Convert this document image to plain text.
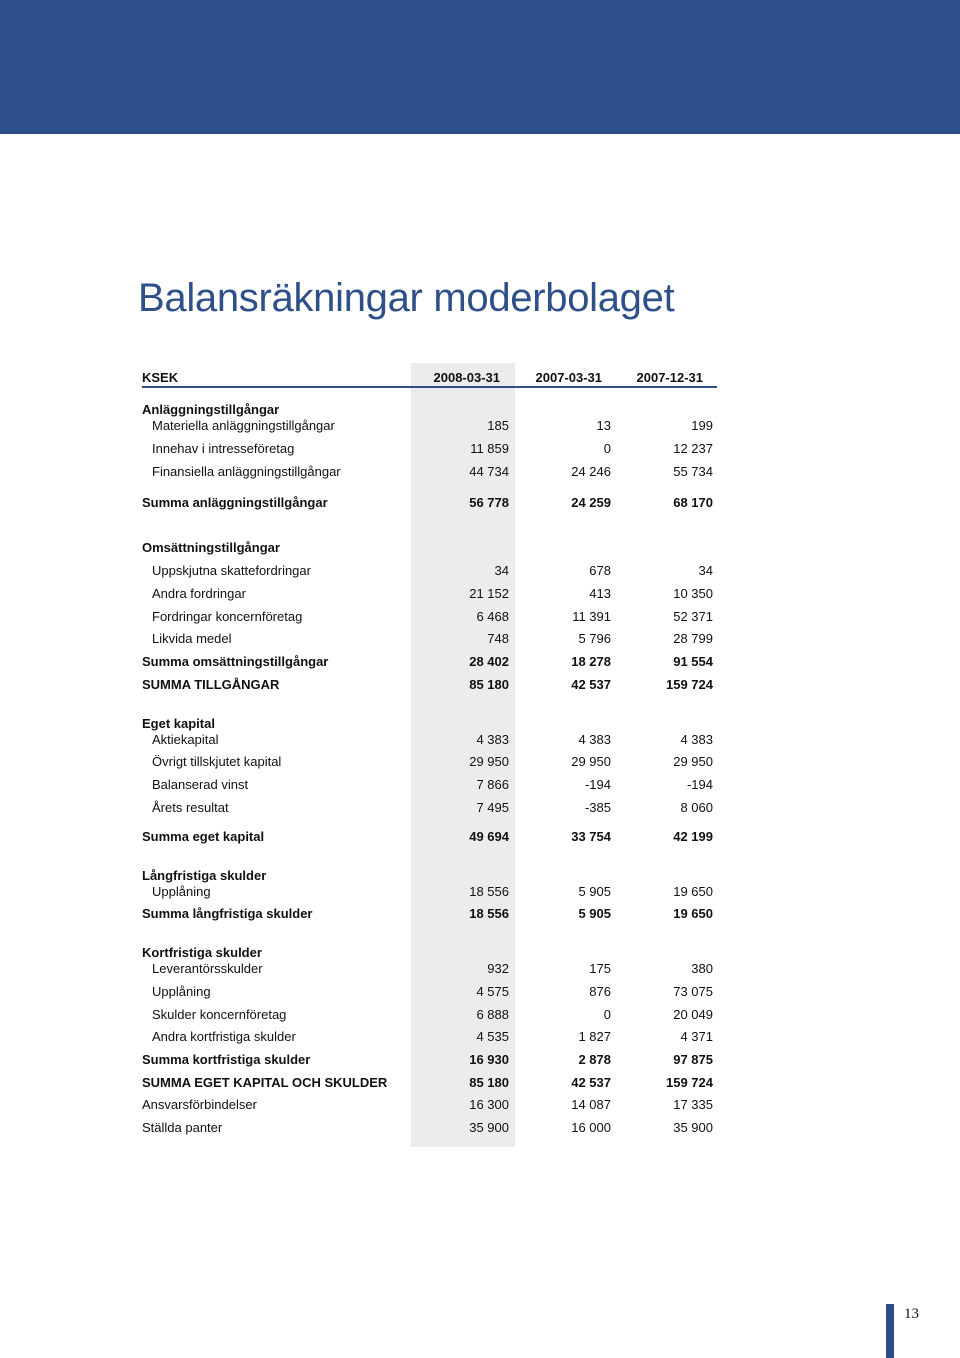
Balansräkningar moderbolaget
KSEK	2008-03-31	2007-03-31	2007-12-31
Anläggningstillgångar
Materiella anläggningstillgångar	185	13	199
Innehav i intresseföretag	11 859	0	12 237
Finansiella anläggningstillgångar	44 734	24 246	55 734
Summa anläggningstillgångar	56 778	24 259	68 170
Omsättningstillgångar
Uppskjutna skattefordringar	34	678	34
Andra fordringar	21 152	413	10 350
Fordringar koncernföretag	6 468	11 391	52 371
Likvida medel	748	5 796	28 799
Summa omsättningstillgångar	28 402	18 278	91 554
SUMMA TILLGÅNGAR	85 180	42 537	159 724
Eget kapital
Aktiekapital	4 383	4 383	4 383
Övrigt tillskjutet kapital	29 950	29 950	29 950
Balanserad vinst	7 866	-194	-194
Årets resultat	7 495	-385	8 060
Summa eget kapital	49 694	33 754	42 199
Långfristiga skulder
Upplåning	18 556	5 905	19 650
Summa långfristiga skulder	18 556	5 905	19 650
Kortfristiga skulder
Leverantörsskulder	932	175	380
Upplåning	4 575	876	73 075
Skulder koncernföretag	6 888	0	20 049
Andra kortfristiga skulder	4 535	1 827	4 371
Summa kortfristiga skulder	16 930	2 878	97 875
SUMMA EGET KAPITAL OCH SKULDER	85 180	42 537	159 724
Ansvarsförbindelser	16 300	14 087	17 335
Ställda panter	35 900	16 000	35 900
13
